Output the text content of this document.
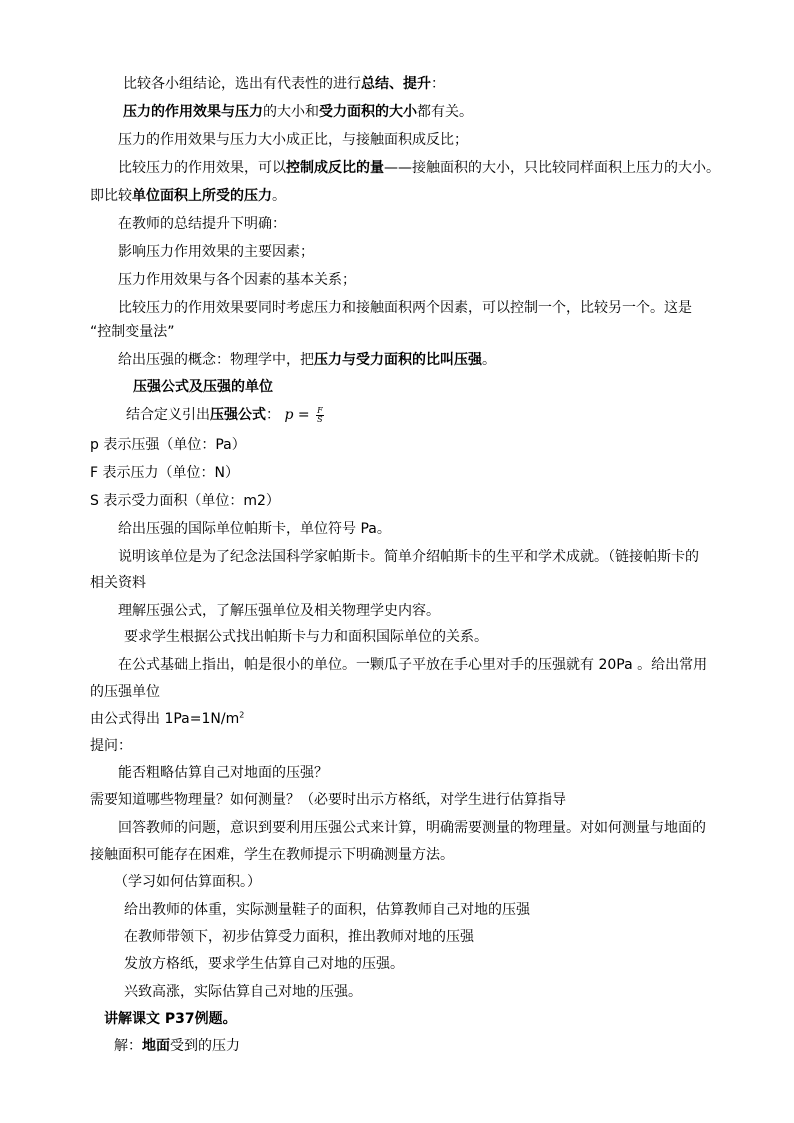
比较各小组结论，选出有代表性的进行总结、提升：
压力的作用效果与压力的大小和受力面积的大小都有关。
压力的作用效果与压力大小成正比，与接触面积成反比；
比较压力的作用效果，可以控制成反比的量——接触面积的大小，只比较同样面积上压力的大小。
即比较单位面积上所受的压力。
在教师的总结提升下明确：
影响压力作用效果的主要因素；
压力作用效果与各个因素的基本关系；
比较压力的作用效果要同时考虑压力和接触面积两个因素，可以控制一个，比较另一个。这是
“控制变量法”
给出压强的概念：物理学中，把压力与受力面积的比叫压强。
压强公式及压强的单位
结合定义引出压强公式： $p = \frac{F}{S}$
p 表示压强（单位：Pa）
F 表示压力（单位：N）
S 表示受力面积（单位：m2）
给出压强的国际单位帕斯卡，单位符号 Pa。
说明该单位是为了纪念法国科学家帕斯卡。简单介绍帕斯卡的生平和学术成就。（链接帕斯卡的
相关资料
理解压强公式，了解压强单位及相关物理学史内容。
要求学生根据公式找出帕斯卡与力和面积国际单位的关系。
在公式基础上指出，帕是很小的单位。一颗瓜子平放在手心里对手的压强就有 20Pa 。给出常用
的压强单位
由公式得出 $1Pa=1N/m^2$
提问：
能否粗略估算自己对地面的压强？
需要知道哪些物理量？如何测量？（必要时出示方格纸，对学生进行估算指导
回答教师的问题，意识到要利用压强公式来计算，明确需要测量的物理量。对如何测量与地面的
接触面积可能存在困难，学生在教师提示下明确测量方法。
（学习如何估算面积。）
给出教师的体重，实际测量鞋子的面积，估算教师自己对地的压强
在教师带领下，初步估算受力面积，推出教师对地的压强
发放方格纸，要求学生估算自己对地的压强。
兴致高涨，实际估算自己对地的压强。
讲解课文 P37例题。
解：地面受到的压力
